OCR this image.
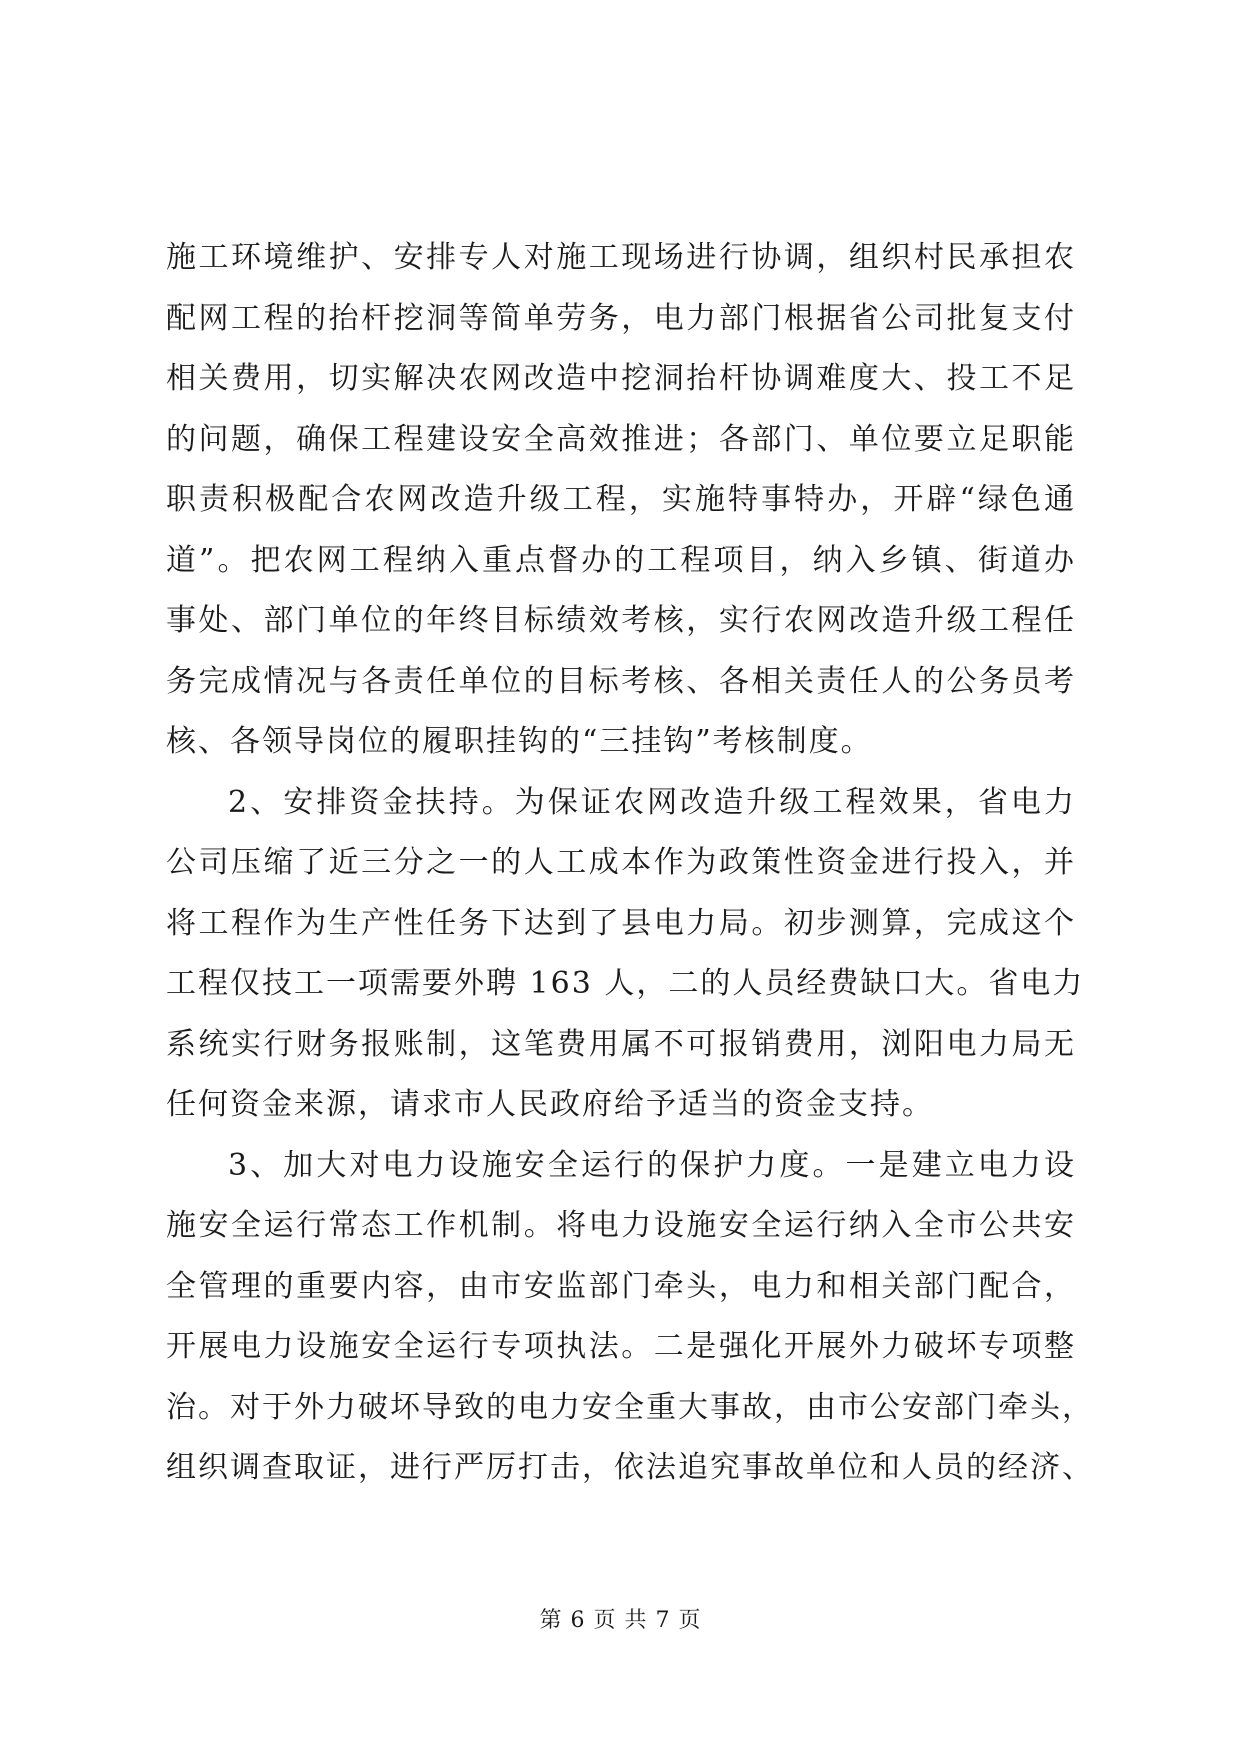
施工环境维护、安排专人对施工现场进行协调，组织村民承担农
配网工程的抬杆挖洞等简单劳务，电力部门根据省公司批复支付
相关费用，切实解决农网改造中挖洞抬杆协调难度大、投工不足
的问题，确保工程建设安全高效推进；各部门、单位要立足职能
职责积极配合农网改造升级工程，实施特事特办，开辟“绿色通
道”。把农网工程纳入重点督办的工程项目，纳入乡镇、街道办
事处、部门单位的年终目标绩效考核，实行农网改造升级工程任
务完成情况与各责任单位的目标考核、各相关责任人的公务员考
核、各领导岗位的履职挂钩的“三挂钩”考核制度。
2、安排资金扶持。为保证农网改造升级工程效果，省电力
公司压缩了近三分之一的人工成本作为政策性资金进行投入，并
将工程作为生产性任务下达到了县电力局。初步测算，完成这个
工程仅技工一项需要外聘 163 人，二的人员经费缺口大。省电力
系统实行财务报账制，这笔费用属不可报销费用，浏阳电力局无
任何资金来源，请求市人民政府给予适当的资金支持。
3、加大对电力设施安全运行的保护力度。一是建立电力设
施安全运行常态工作机制。将电力设施安全运行纳入全市公共安
全管理的重要内容，由市安监部门牵头，电力和相关部门配合，
开展电力设施安全运行专项执法。二是强化开展外力破坏专项整
治。对于外力破坏导致的电力安全重大事故，由市公安部门牵头，
组织调查取证，进行严厉打击，依法追究事故单位和人员的经济、
第 6 页 共 7 页
